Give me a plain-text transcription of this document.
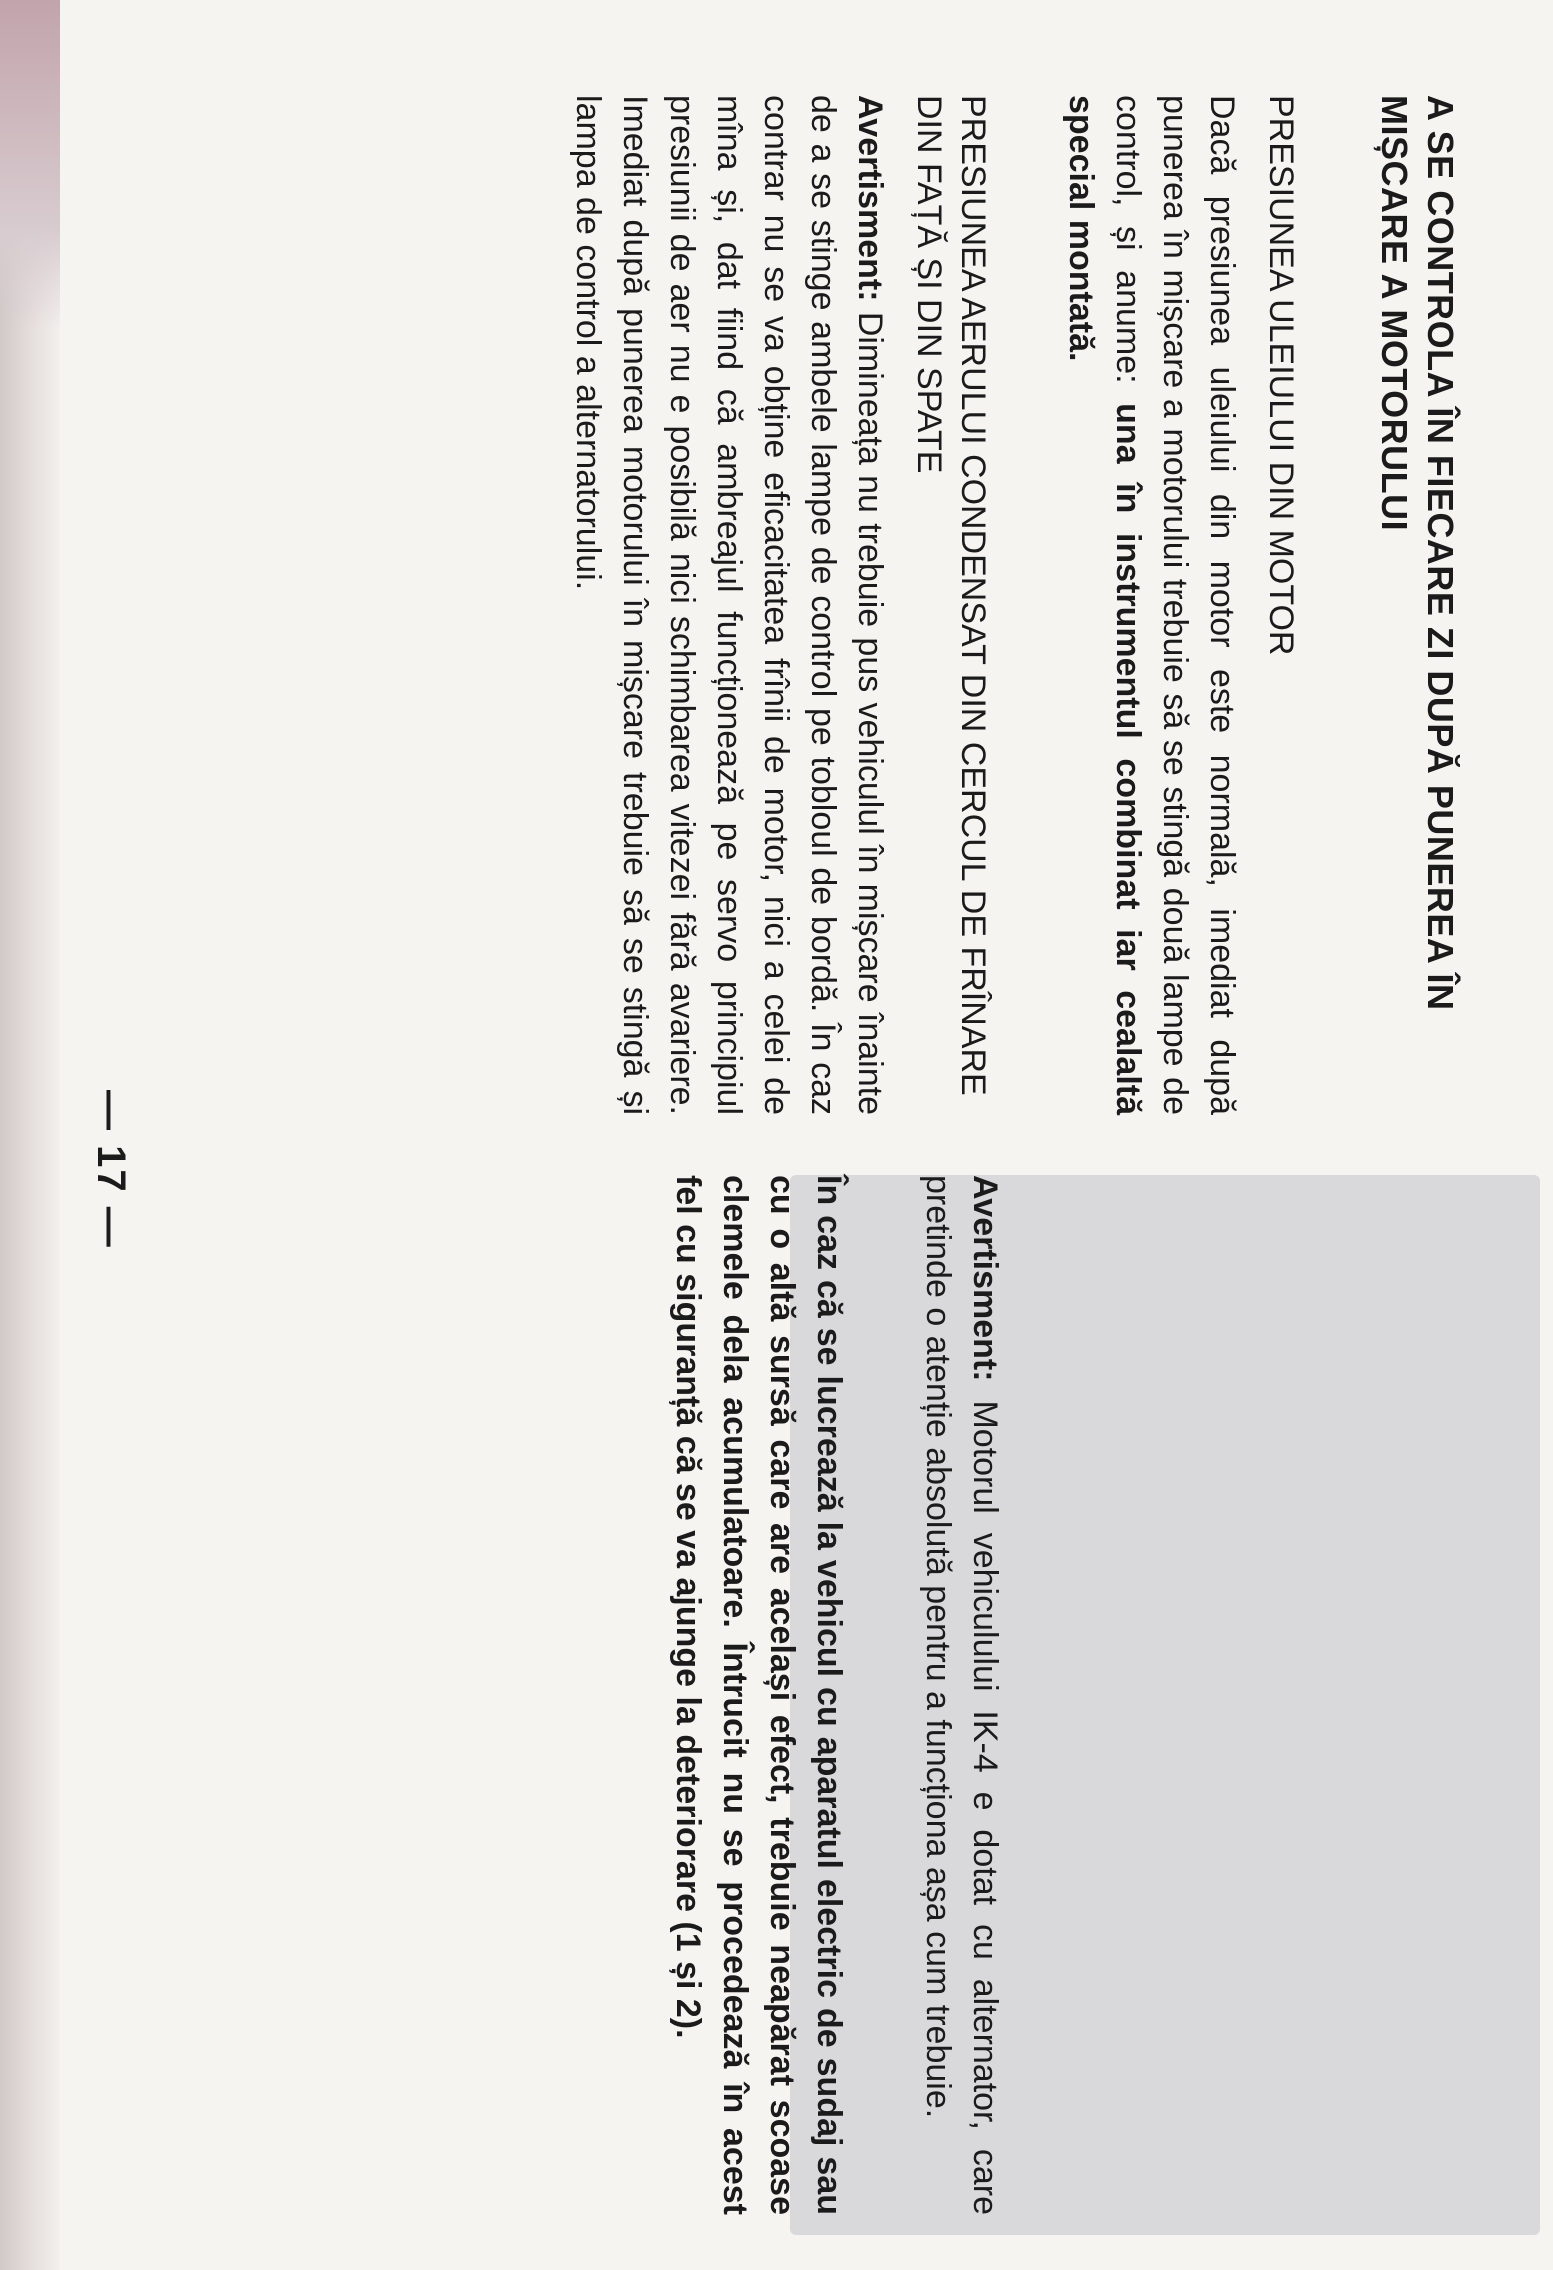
A SE CONTROLA ÎN FIECARE ZI DUPĂ PUNEREA ÎN MIȘCARE A MOTORULUI
PRESIUNEA ULEIULUI DIN MOTOR

Dacă presiunea uleiului din motor este normală, imediat după punerea în mișcare a motorului trebuie să se stingă două lampe de control, și anume: una în instrumentul combinat iar cealaltă special montată.

PRESIUNEA AERULUI CONDENSAT DIN CERCUL DE FRÎNARE DIN FAȚĂ ȘI DIN SPATE

Avertisment: Dimineața nu trebuie pus vehiculul în mișcare înainte de a se stinge ambele lampe de control pe tobloul de bordă. În caz contrar nu se va obține eficacitatea frînii de motor, nici a celei de mîna și, dat fiind că ambreajul funcționează pe servo principiul presiunii de aer nu e posibilă nici schimbarea vitezei fără avariere. Imediat după punerea motorului în mișcare trebuie să se stingă și lampa de control a alternatorului.

Avertisment: Motorul vehiculului IK-4 e dotat cu alternator, care pretinde o atenție absolută pentru a funcționa așa cum trebuie.

În caz că se lucrează la vehicul cu aparatul electric de sudaj sau cu o altă sursă care are același efect, trebuie neapărat scoase clemele dela acumulatoare. Întrucit nu se procedează în acest fel cu siguranță că se va ajunge la deteriorare (1 și 2).

— 17 —
